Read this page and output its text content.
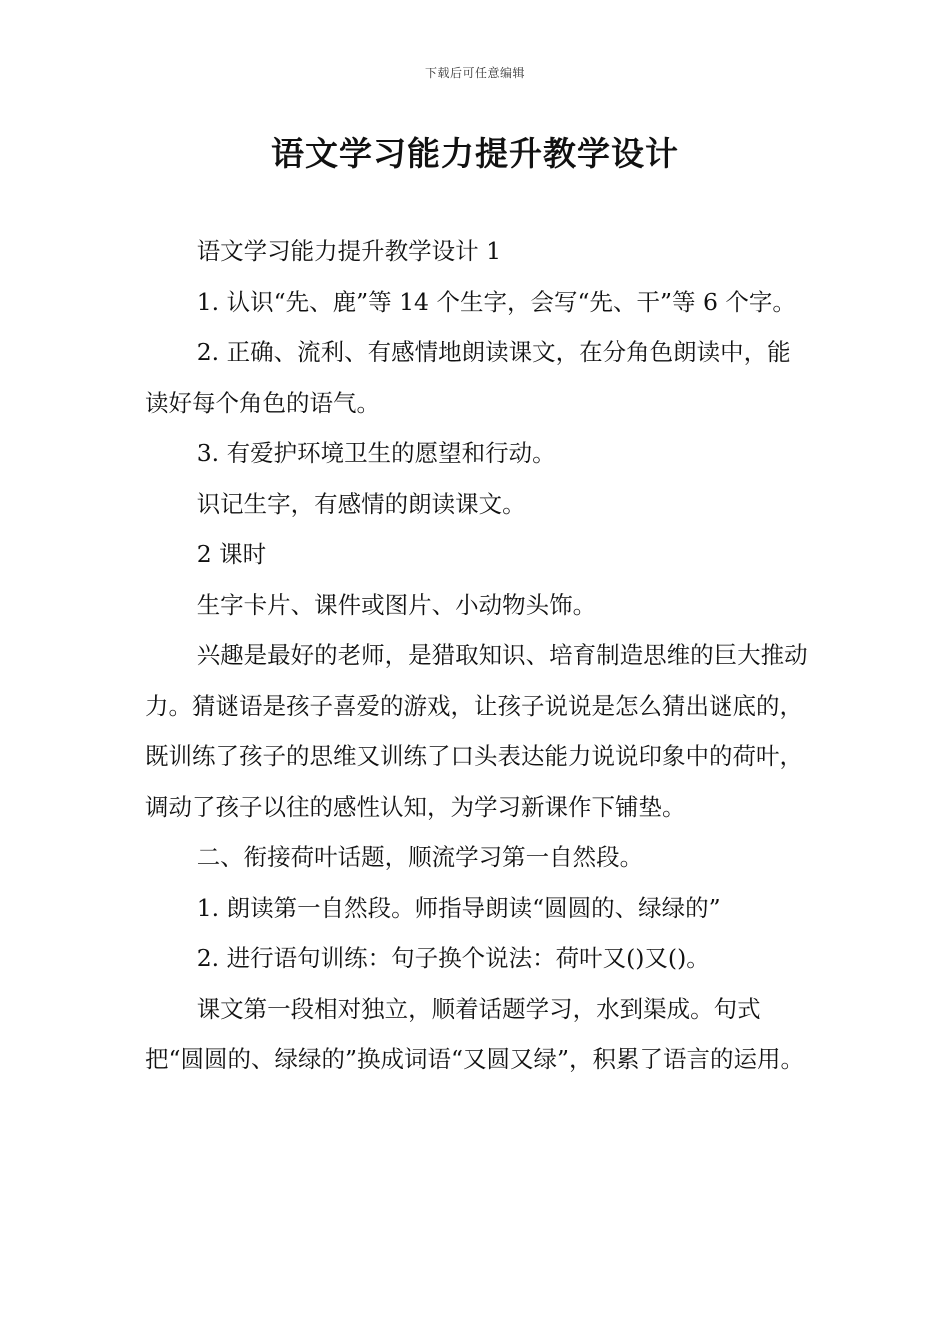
下载后可任意编辑
语文学习能力提升教学设计

语文学习能力提升教学设计 1

1. 认识“先、鹿”等 14 个生字，会写“先、干”等 6 个字。

2. 正确、流利、有感情地朗读课文，在分角色朗读中，能读好每个角色的语气。

3. 有爱护环境卫生的愿望和行动。

识记生字，有感情的朗读课文。

2 课时

生字卡片、课件或图片、小动物头饰。

兴趣是最好的老师，是猎取知识、培育制造思维的巨大推动力。猜谜语是孩子喜爱的游戏，让孩子说说是怎么猜出谜底的，既训练了孩子的思维又训练了口头表达能力说说印象中的荷叶，调动了孩子以往的感性认知，为学习新课作下铺垫。

二、衔接荷叶话题，顺流学习第一自然段。

1. 朗读第一自然段。师指导朗读“圆圆的、绿绿的”

2. 进行语句训练：句子换个说法：荷叶又()又()。

课文第一段相对独立，顺着话题学习，水到渠成。句式把“圆圆的、绿绿的”换成词语“又圆又绿”，积累了语言的运用。
